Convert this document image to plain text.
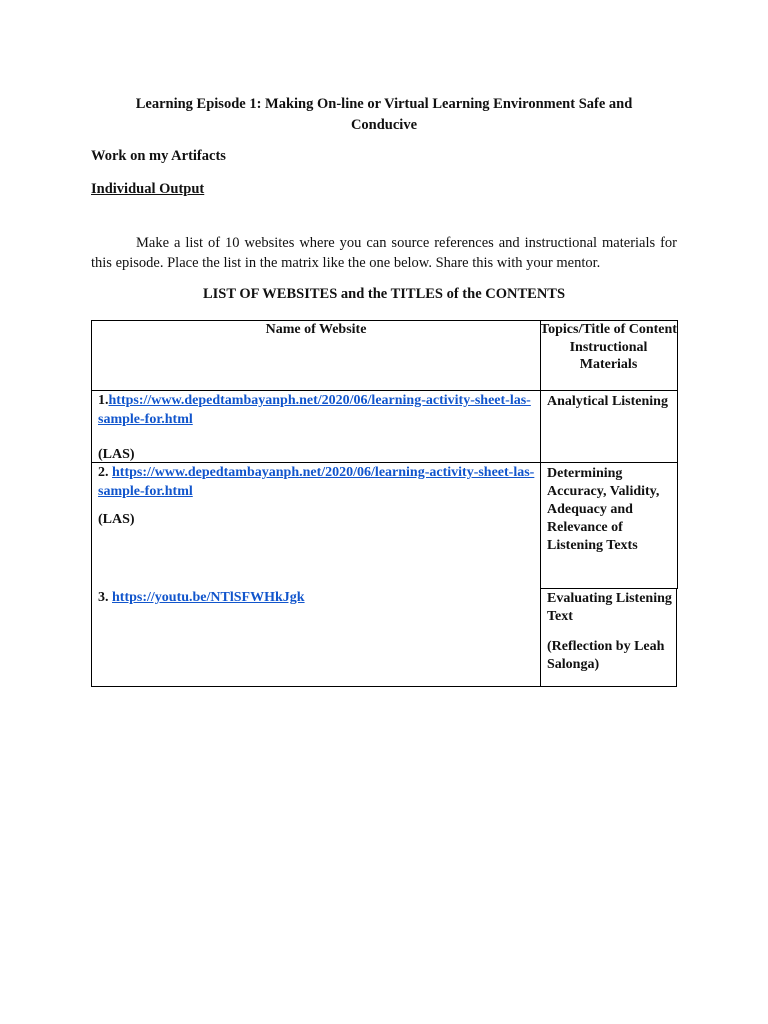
Learning Episode 1: Making On-line or Virtual Learning Environment Safe and Conducive
Work on my Artifacts
Individual Output
Make a list of 10 websites where you can source references and instructional materials for this episode. Place the list in the matrix like the one below. Share this with your mentor.
LIST OF WEBSITES and the TITLES of the CONTENTS
Name of Website	Topics/Title of Content Instructional Materials
1.https://www.depedtambayanph.net/2020/06/learning-activity-sheet-las-sample-for.html
(LAS)
Analytical Listening
2. https://www.depedtambayanph.net/2020/06/learning-activity-sheet-las-sample-for.html
(LAS)
Determining Accuracy, Validity, Adequacy and Relevance of Listening Texts
3. https://youtu.be/NTlSFWHkJgk	Evaluating Listening Text
(Reflection by Leah Salonga)
